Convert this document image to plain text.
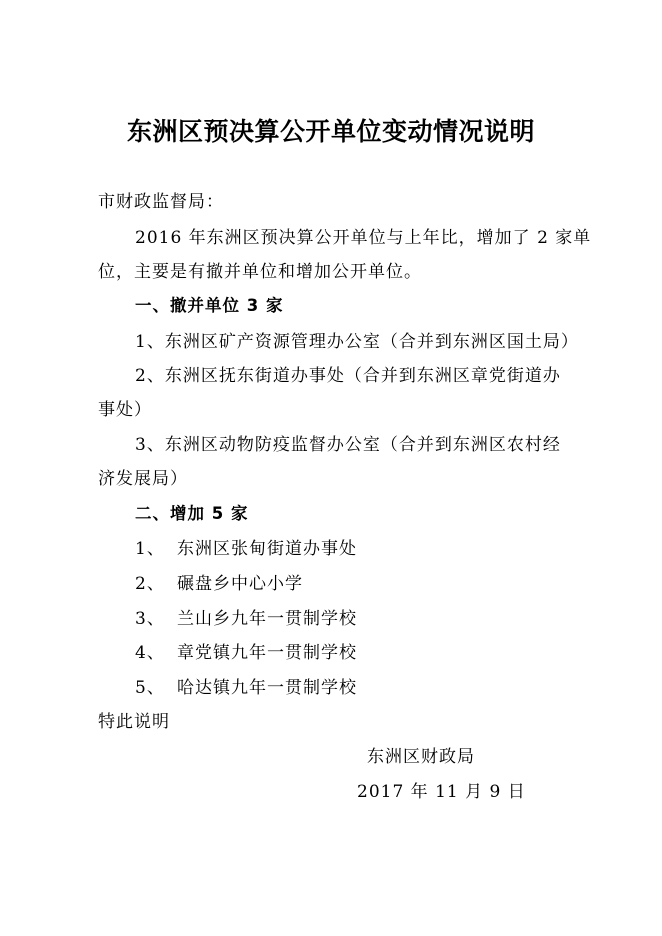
东洲区预决算公开单位变动情况说明
市财政监督局：
2016 年东洲区预决算公开单位与上年比，增加了 2 家单
位，主要是有撤并单位和增加公开单位。
一、撤并单位 3 家
1、东洲区矿产资源管理办公室（合并到东洲区国土局）
2、东洲区抚东街道办事处（合并到东洲区章党街道办
事处）
3、东洲区动物防疫监督办公室（合并到东洲区农村经
济发展局）
二、增加 5 家
1、 东洲区张甸街道办事处
2、 碾盘乡中心小学
3、 兰山乡九年一贯制学校
4、 章党镇九年一贯制学校
5、 哈达镇九年一贯制学校
特此说明
东洲区财政局
2017 年 11 月 9 日
